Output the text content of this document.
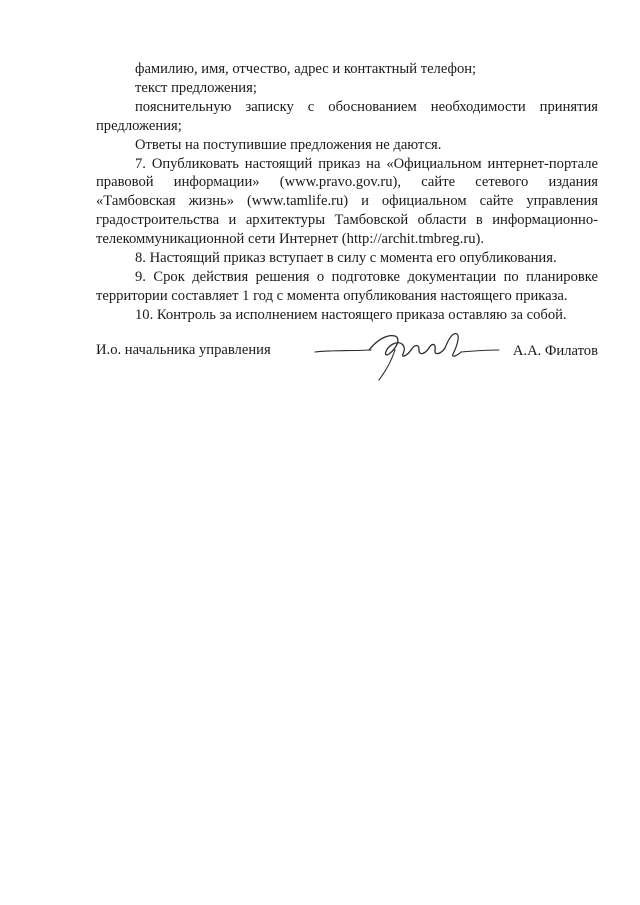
фамилию, имя, отчество, адрес и контактный телефон;

текст предложения;

пояснительную записку с обоснованием необходимости принятия предложения;

Ответы на поступившие предложения не даются.

7. Опубликовать настоящий приказ на «Официальном интернет-портале правовой информации» (www.pravo.gov.ru), сайте сетевого издания «Тамбовская жизнь» (www.tamlife.ru) и официальном сайте управления градостроительства и архитектуры Тамбовской области в информационно-телекоммуникационной сети Интернет (http://archit.tmbreg.ru).

8. Настоящий приказ вступает в силу с момента его опубликования.

9. Срок действия решения о подготовке документации по планировке территории составляет 1 год с момента опубликования настоящего приказа.

10. Контроль за исполнением настоящего приказа оставляю за собой.

И.о. начальника управления	А.А. Филатов
